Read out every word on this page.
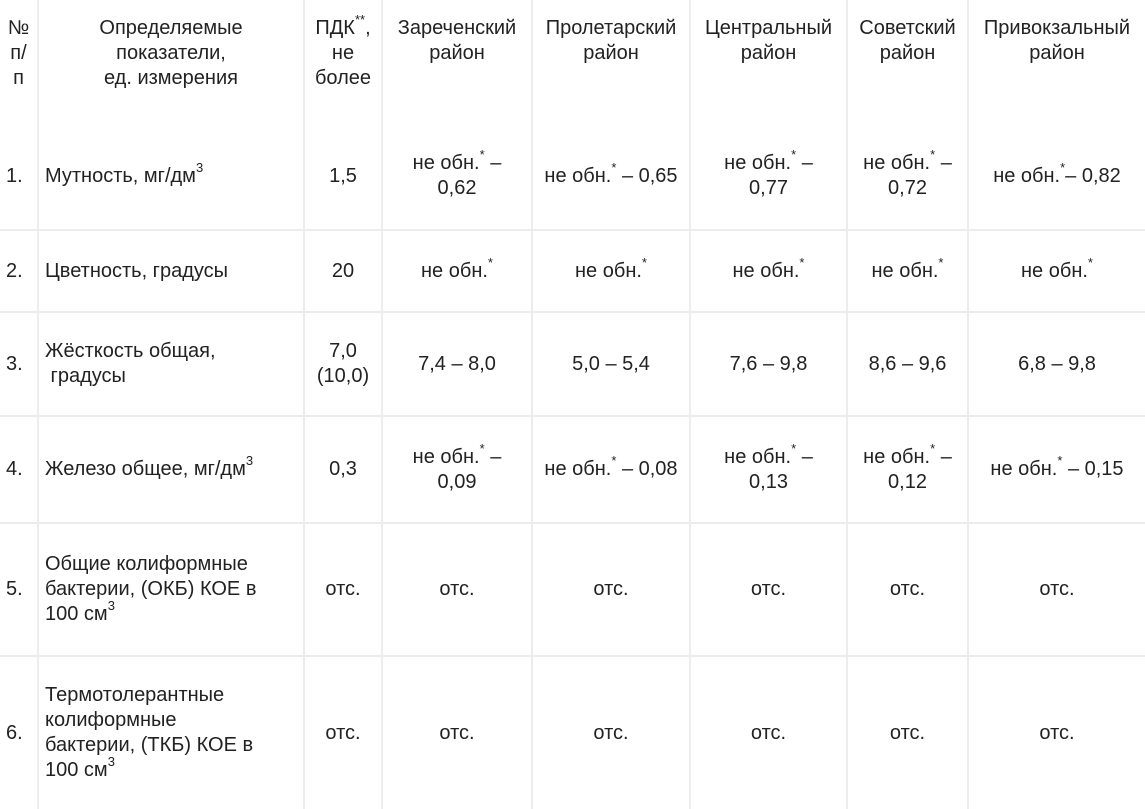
№
п/
п	Определяемые
показатели,
ед. измерения	ПДК**,
не
более	Зареченский
район	Пролетарский
район	Центральный
район	Советский
район	Привокзальный
район
1.	Мутность, $мг/дм^3$	1,5	не обн.* –
0,62	не обн.* – 0,65	не обн.* –
0,77	не обн.* –
0,72	не обн.*– 0,82
2.	Цветность, градусы	20	не обн.*	не обн.*	не обн.*	не обн.*	не обн.*
3.	Жёсткость общая,
градусы	7,0
(10,0)	7,4 – 8,0	5,0 – 5,4	7,6 – 9,8	8,6 – 9,6	6,8 – 9,8
4.	Железо общее, $мг/дм^3$	0,3	не обн.* –
0,09	не обн.* – 0,08	не обн.* –
0,13	не обн.* –
0,12	не обн.* – 0,15
5.	Общие колиформные
бактерии, (ОКБ) КОЕ в
100 $см^3$	отс.	отс.	отс.	отс.	отс.	отс.
6.	Термотолерантные
колиформные
бактерии, (ТКБ) КОЕ в
100 $см^3$	отс.	отс.	отс.	отс.	отс.	отс.
